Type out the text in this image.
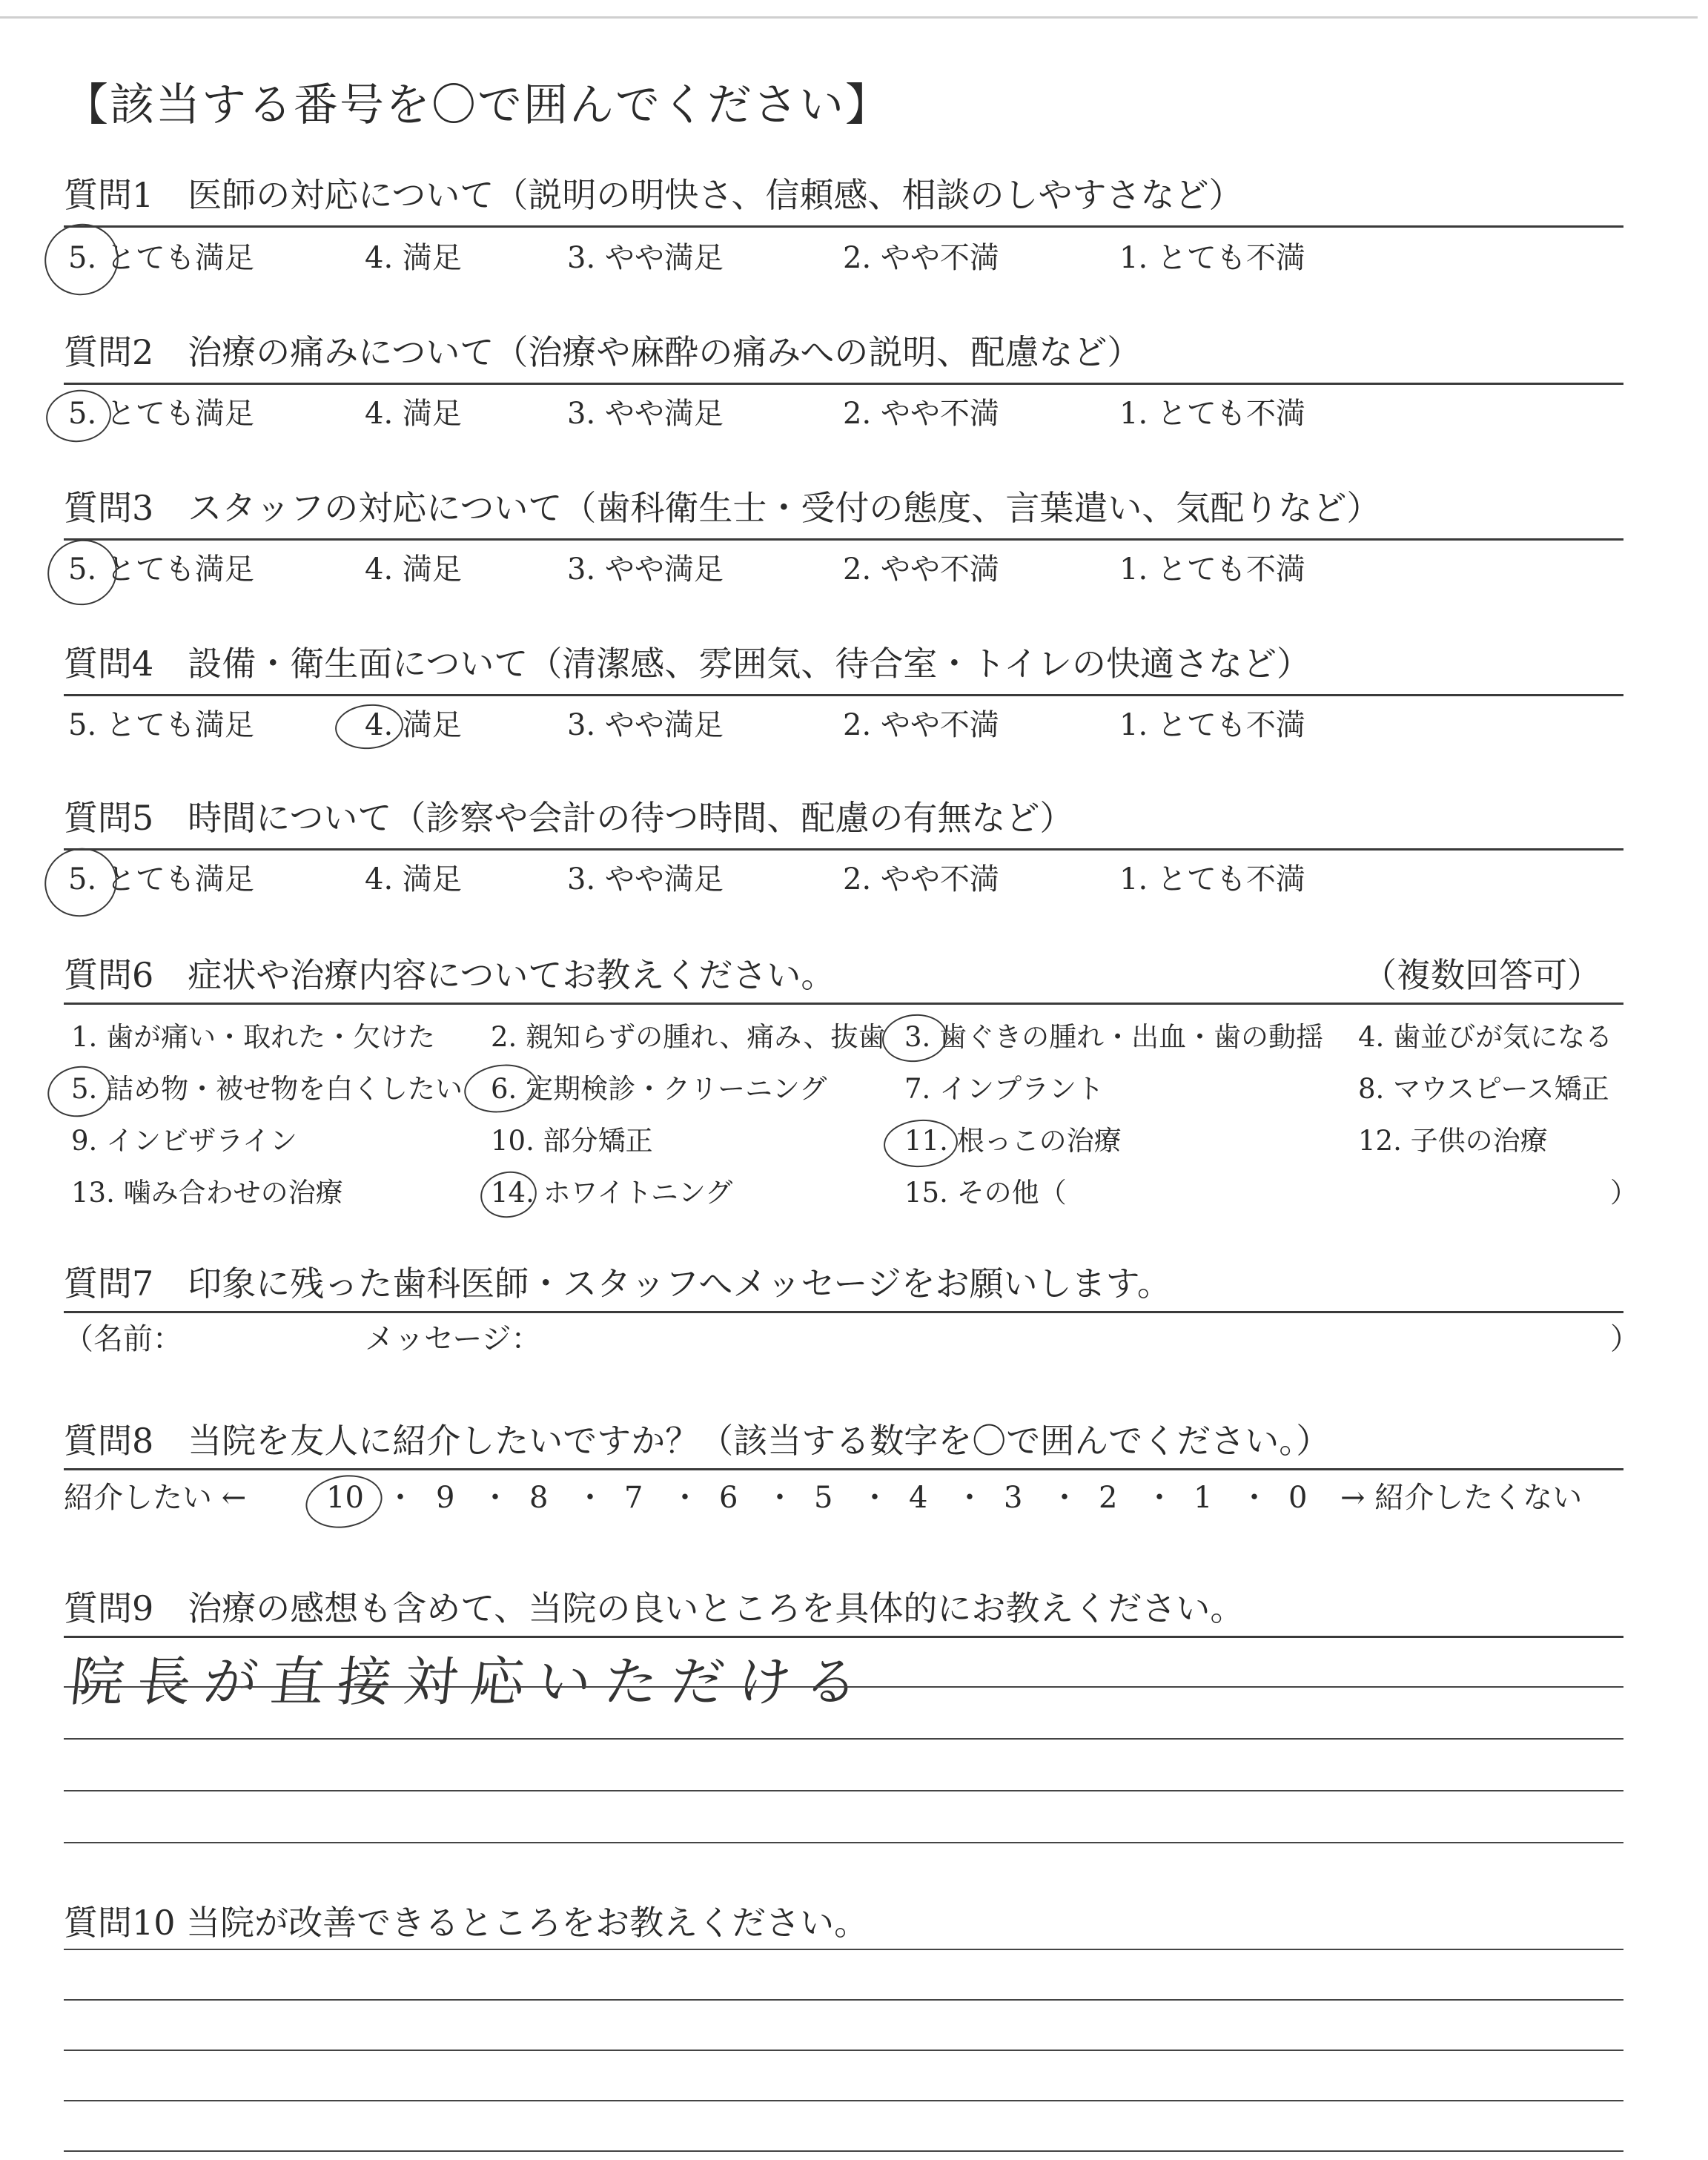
【該当する番号を〇で囲んでください】
質問1　医師の対応について（説明の明快さ、信頼感、相談のしやすさなど）
5. とても満足	4. 満足	3. やや満足	2. やや不満	1. とても不満
質問2　治療の痛みについて（治療や麻酔の痛みへの説明、配慮など）
5. とても満足	4. 満足	3. やや満足	2. やや不満	1. とても不満
質問3　スタッフの対応について（歯科衛生士・受付の態度、言葉遣い、気配りなど）
5. とても満足	4. 満足	3. やや満足	2. やや不満	1. とても不満
質問4　設備・衛生面について（清潔感、雰囲気、待合室・トイレの快適さなど）
5. とても満足	4. 満足	3. やや満足	2. やや不満	1. とても不満
質問5　時間について（診察や会計の待つ時間、配慮の有無など）
5. とても満足	4. 満足	3. やや満足	2. やや不満	1. とても不満
質問6　症状や治療内容についてお教えください。	（複数回答可）
1. 歯が痛い・取れた・欠けた 2. 親知らずの腫れ、痛み、抜歯 3. 歯ぐきの腫れ・出血・歯の動揺 4. 歯並びが気になる
5. 詰め物・被せ物を白くしたい 6. 定期検診・クリーニング	7. インプラント	8. マウスピース矯正
9. インビザライン	10. 部分矯正	11. 根っこの治療	12. 子供の治療
13. 噛み合わせの治療	14. ホワイトニング	15. その他（	）
質問7　印象に残った歯科医師・スタッフへメッセージをお願いします。
（名前：	メッセージ：	）
質問8　当院を友人に紹介したいですか？（該当する数字を〇で囲んでください。）
紹介したい ←	10 ・ 9 ・ 8 ・ 7 ・ 6 ・ 5 ・ 4 ・ 3 ・ 2 ・ 1 ・ 0 → 紹介したくない
質問9　治療の感想も含めて、当院の良いところを具体的にお教えください。
院長が直接対応いただける
質問10 当院が改善できるところをお教えください。
